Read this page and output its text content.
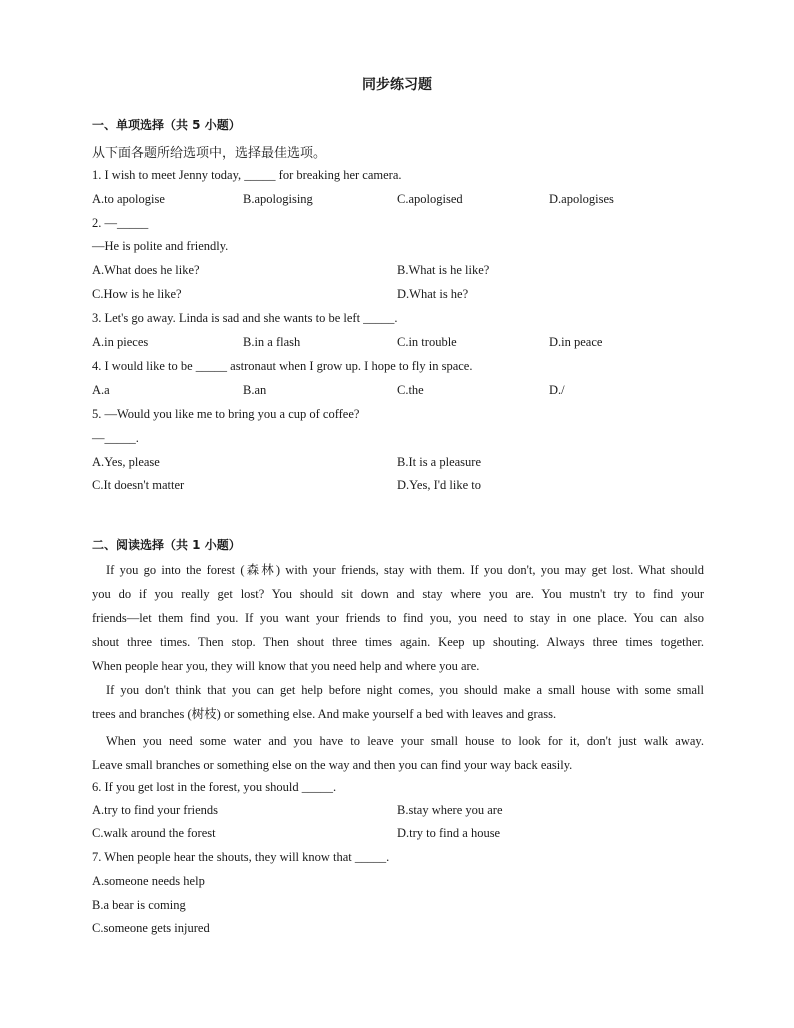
同步练习题
一、单项选择（共 5 小题）
从下面各题所给选项中，选择最佳选项。
1. I wish to meet Jenny today, _____ for breaking her camera.
A.to apologise	B.apologising	C.apologised	D.apologises
2. —_____
—He is polite and friendly.
A.What does he like?	B.What is he like?
C.How is he like?	D.What is he?
3. Let's go away. Linda is sad and she wants to be left _____.
A.in pieces	B.in a flash	C.in trouble	D.in peace
4. I would like to be _____ astronaut when I grow up. I hope to fly in space.
A.a	B.an	C.the	D./
5. —Would you like me to bring you a cup of coffee?
—_____.
A.Yes, please	B.It is a pleasure
C.It doesn't matter	D.Yes, I'd like to
二、阅读选择（共 1 小题）
If you go into the forest (森林) with your friends, stay with them. If you don't, you may get lost. What should
you do if you really get lost? You should sit down and stay where you are. You mustn't try to find your
friends—let them find you. If you want your friends to find you, you need to stay in one place. You can also
shout three times. Then stop. Then shout three times again. Keep up shouting. Always three times together.
When people hear you, they will know that you need help and where you are.
If you don't think that you can get help before night comes, you should make a small house with some small
trees and branches (树枝) or something else. And make yourself a bed with leaves and grass.
When you need some water and you have to leave your small house to look for it, don't just walk away.
Leave small branches or something else on the way and then you can find your way back easily.
6. If you get lost in the forest, you should _____.
A.try to find your friends	B.stay where you are
C.walk around the forest	D.try to find a house
7. When people hear the shouts, they will know that _____.
A.someone needs help
B.a bear is coming
C.someone gets injured
